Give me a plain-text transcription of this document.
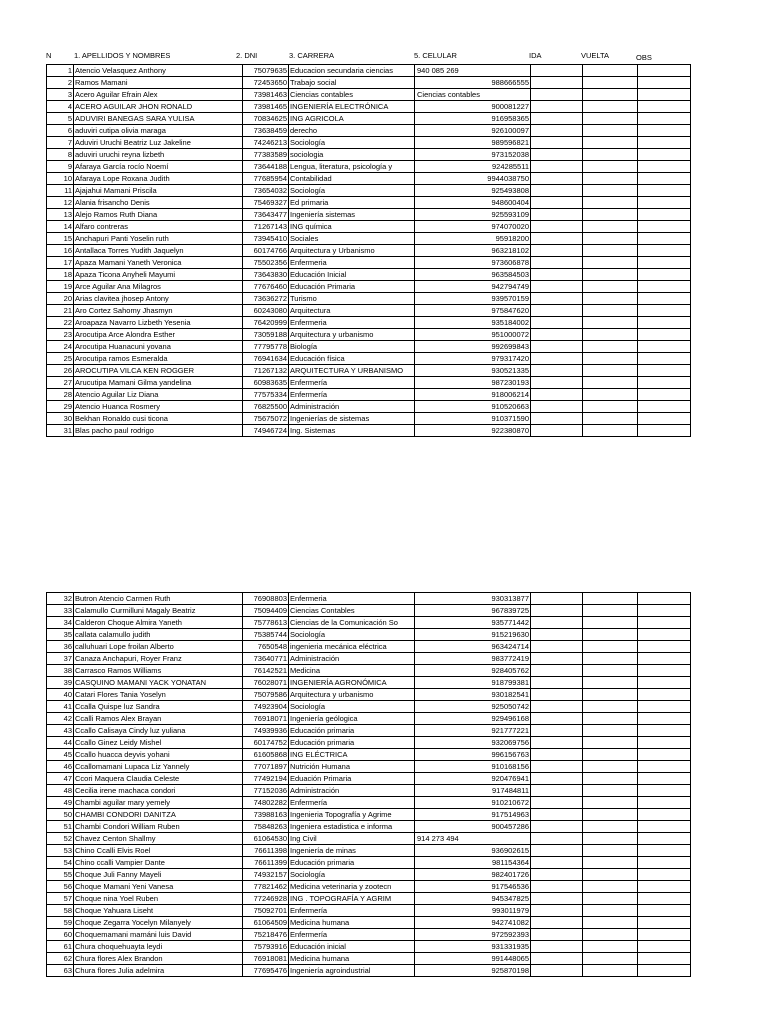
N	1. APELLIDOS Y NOMBRES	2. DNI	3. CARRERA	5. CELULAR	IDA	VUELTA	OBS
1	Atencio Velasquez Anthony	75079635	Educacion secundaria ciencias	940 085 269			
2	Ramos Mamani	72453650	Trabajo social	988666555			
3	Acero Aguilar Efrain Alex	73981463	Ciencias contables	Ciencias contables			
4	ACERO AGUILAR JHON RONALD	73981465	INGENIERÍA ELECTRÓNICA	900081227			
5	ADUVIRI BANEGAS SARA YULISA	70834625	ING AGRICOLA	916958365			
6	aduviri cutipa olivia maraga	73638459	derecho	926100097			
7	Aduviri Uruchi Beatriz Luz Jakeline	74246213	Sociología	989596821			
8	aduviri uruchi reyna lizbeth	77383589	sociologia	973152038			
9	Afaraya García rocío Noemí	73644188	Lengua, literatura, psicología y	924285511			
10	Afaraya Lope Roxana Judith	77685954	Contabilidad	9944038750			
11	Ajajahui Mamani Priscila	73654032	Sociología	925493808			
12	Alania frisancho Denis	75469327	Ed primaria	948600404			
13	Alejo Ramos Ruth Diana	73643477	Ingeniería sistemas	925593109			
14	Alfaro contreras	71267143	ING química	974070020			
15	Anchapuri Panti Yoselin ruth	73945410	Sociales	95918200			
16	Antallaca Torres Yudith Jaquelyn	60174766	Arquitectura y Urbanismo	963218102			
17	Apaza Mamani Yaneth Veronica	75502356	Enfermeria	973606878			
18	Apaza Ticona Anyheli Mayumi	73643830	Educación Inicial	963584503			
19	Arce Aguilar Ana Milagros	77676460	Educación Primaria	942794749			
20	Arias clavitea jhosep Antony	73636272	Turismo	939570159			
21	Aro Cortez Sahomy Jhasmyn	60243080	Arquitectura	975847620			
22	Aroapaza Navarro Lizbeth Yesenia	76420999	Enfermeria	935184002			
23	Arocutipa Arce Alondra Esther	73059188	Arquitectura y urbanismo	951000072			
24	Arocutipa Huanacuni yovana	77795778	Biología	992699843			
25	Arocutipa ramos Esmeralda	76941634	Educación física	979317420			
26	AROCUTIPA VILCA KEN ROGGER	71267132	ARQUITECTURA Y URBANISMO	930521335			
27	Arucutipa Mamani Gilma yandelina	60983635	Enfermería	987230193			
28	Atencio Aguilar Liz Diana	77575334	Enfermería	918006214			
29	Atencio Huanca Rosmery	76825500	Administración	910520663			
30	Bekhan Ronaldo cusi ticona	75675072	Ingenierías de sistemas	910371590			
31	Blas pacho paul rodrigo	74946724	Ing. Sistemas	922380870			
32	Butron Atencio Carmen Ruth	76908803	Enfermeria	930313877			
33	Calamullo Curmilluni Magaly Beatriz	75094409	Ciencias Contables	967839725			
34	Calderon Choque Almira Yaneth	75778613	Ciencias de la Comunicación So	935771442			
35	callata calamullo judith	75385744	Sociología	915219630			
36	calluhuari Lope froilan Alberto	7650548	ingenieria mecánica eléctrica	963424714			
37	Canaza Anchapuri, Royer Franz	73640771	Administración	983772419			
38	Carrasco Ramos Williams	76142521	Medicina	928405762			
39	CASQUINO MAMANI YACK YONATAN	76028071	INGENIERÍA AGRONÓMICA	918799381			
40	Catari Flores Tania Yoselyn	75079586	Arquitectura y urbanismo	930182541			
41	Ccalla Quispe luz Sandra	74923904	Sociología	925050742			
42	Ccalli Ramos Alex Brayan	76918071	Ingeniería geólogica	929496168			
43	Ccallo Calisaya Cindy luz yuliana	74939936	Educación primaria	921777221			
44	Ccallo Ginez Leidy Mishel	60174752	Educación primaria	932069756			
45	Ccallo huacca deyvis yohani	61605868	ING ELÉCTRICA	996156763			
46	Ccallomamani Lupaca Liz Yannely	77071897	Nutrición Humana	910168156			
47	Ccori Maquera Claudia Celeste	77492194	Eduación Primaria	920476941			
48	Cecilia irene machaca condori	77152036	Administración	917484811			
49	Chambi aguilar mary yemely	74802282	Enfermería	910210672			
50	CHAMBI CONDORI DANITZA	73988163	Ingenieria Topografía y Agrime	917514963			
51	Chambi Condori William Ruben	75848263	Ingeniera estadistica e informa	900457286			
52	Chavez Centon Shallmy	61064530	Ing Civil	914 273 494			
53	Chino Ccalli Elvis Roel	76611398	Ingeniería de minas	936902615			
54	Chino ccalli Vampier Dante	76611399	Educación primaria	981154364			
55	Choque Juli Fanny Mayeli	74932157	Sociología	982401726			
56	Choque Mamani Yeni Vanesa	77821462	Medicina veterinaria y zootecn	917546536			
57	Choque nina Yoel Ruben	77246928	ING . TOPOGRAFÍA Y AGRIM	945347825			
58	Choque Yahuara Liseht	75092701	Enfermería	993011979			
59	Choque Zegarra Yocelyn Milanyely	61064509	Medicina humana	942741082			
60	Choquemamani mamáni luis David	75218476	Enfermería	972592393			
61	Chura choquehuayta leydi	75793916	Educación inicial	931331935			
62	Chura flores Alex Brandon	76918081	Medicina humana	991448065			
63	Chura flores Julia adelmira	77695476	Ingeniería agroindustrial	925870198			
